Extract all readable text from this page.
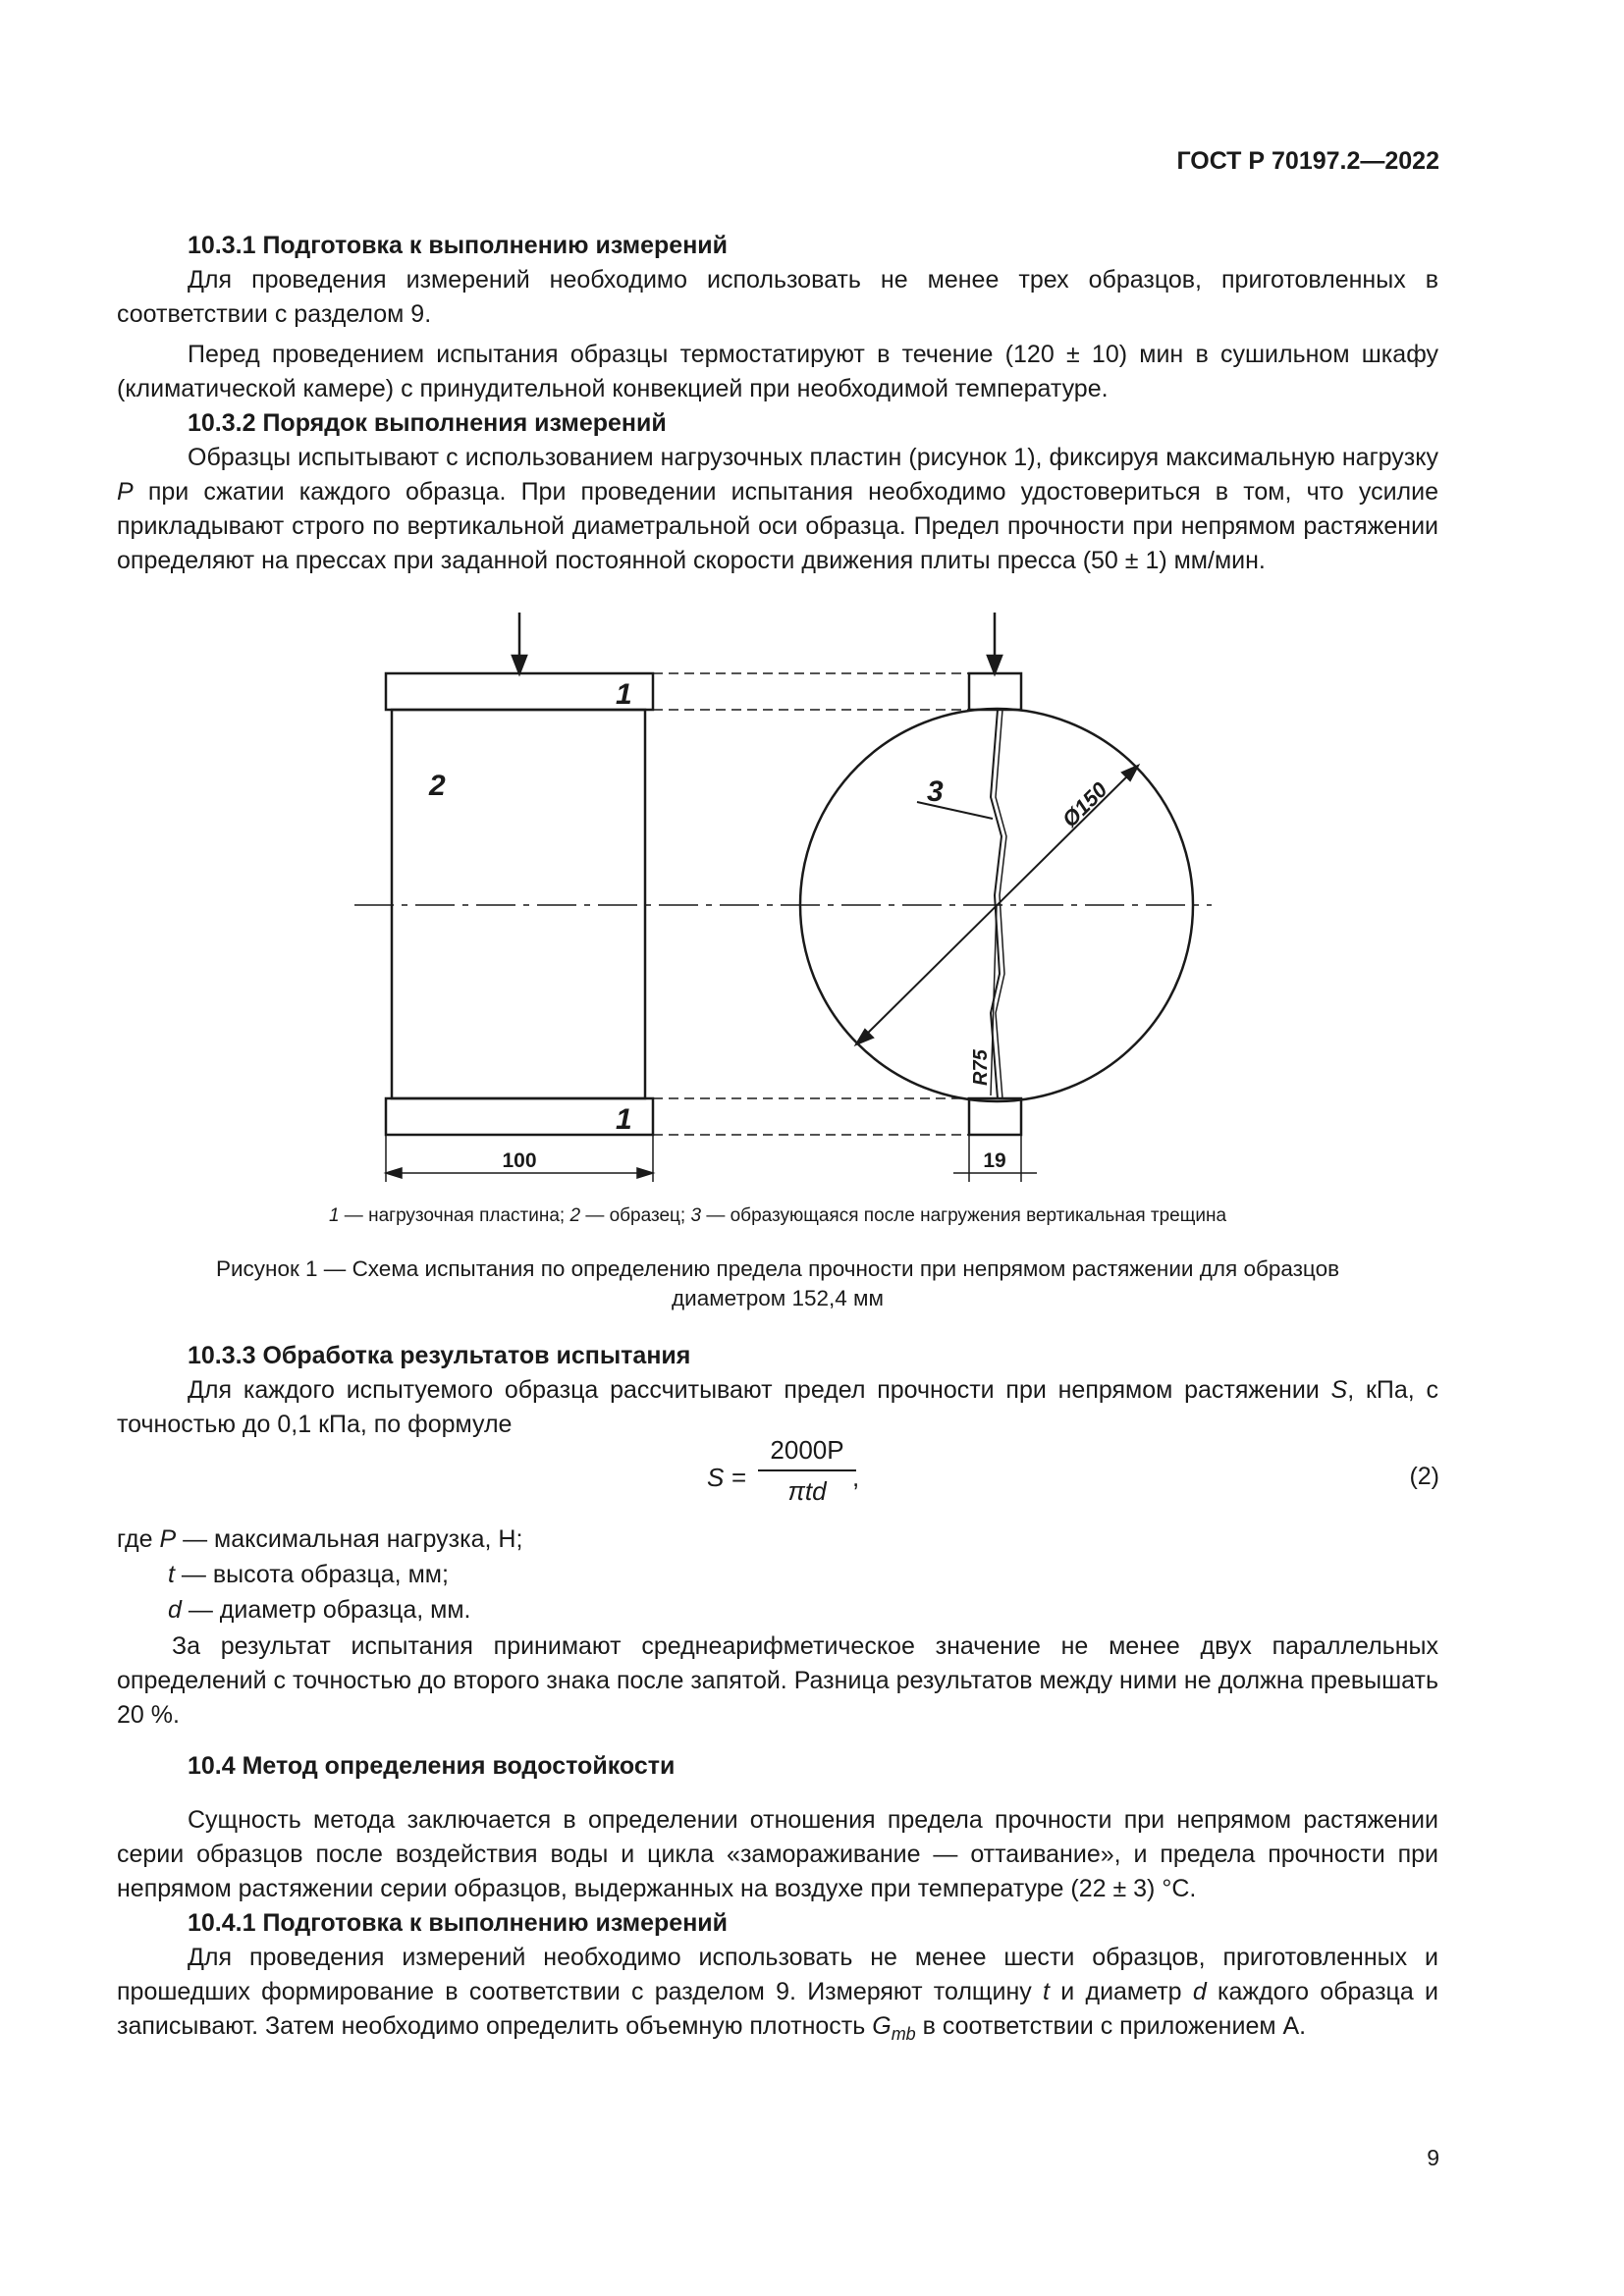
ГОСТ Р 70197.2—2022

10.3.1 Подготовка к выполнению измерений

Для проведения измерений необходимо использовать не менее трех образцов, приготовленных в соответствии с разделом 9.

Перед проведением испытания образцы термостатируют в течение (120 ± 10) мин в сушильном шкафу (климатической камере) с принудительной конвекцией при необходимой температуре.

10.3.2 Порядок выполнения измерений

Образцы испытывают с использованием нагрузочных пластин (рисунок 1), фиксируя максимальную нагрузку P при сжатии каждого образца. При проведении испытания необходимо удостовериться в том, что усилие прикладывают строго по вертикальной диаметральной оси образца. Предел прочности при непрямом растяжении определяют на прессах при заданной постоянной скорости движения плиты пресса (50 ± 1) мм/мин.

1
1
2	3	Ø150
R75
100	19
1 — нагрузочная пластина; 2 — образец; 3 — образующаяся после нагружения вертикальная трещина
Рисунок 1 — Схема испытания по определению предела прочности при непрямом растяжении для образцов
диаметром 152,4 мм

10.3.3 Обработка результатов испытания

Для каждого испытуемого образца рассчитывают предел прочности при непрямом растяжении S, кПа, с точностью до 0,1 кПа, по формуле

S =
2000P
πtd	,	(2)
где P — максимальная нагрузка, Н;
t — высота образца, мм;
d — диаметр образца, мм.

За результат испытания принимают среднеарифметическое значение не менее двух параллельных определений с точностью до второго знака после запятой. Разница результатов между ними не должна превышать 20 %.

10.4 Метод определения водостойкости

Сущность метода заключается в определении отношения предела прочности при непрямом растяжении серии образцов после воздействия воды и цикла «замораживание — оттаивание», и предела прочности при непрямом растяжении серии образцов, выдержанных на воздухе при температуре (22 ± 3) °С.

10.4.1 Подготовка к выполнению измерений

Для проведения измерений необходимо использовать не менее шести образцов, приготовленных и прошедших формирование в соответствии с разделом 9. Измеряют толщину t и диаметр d каждого образца и записывают. Затем необходимо определить объемную плотность $G_{mb}$ в соответствии с приложением А.

9
